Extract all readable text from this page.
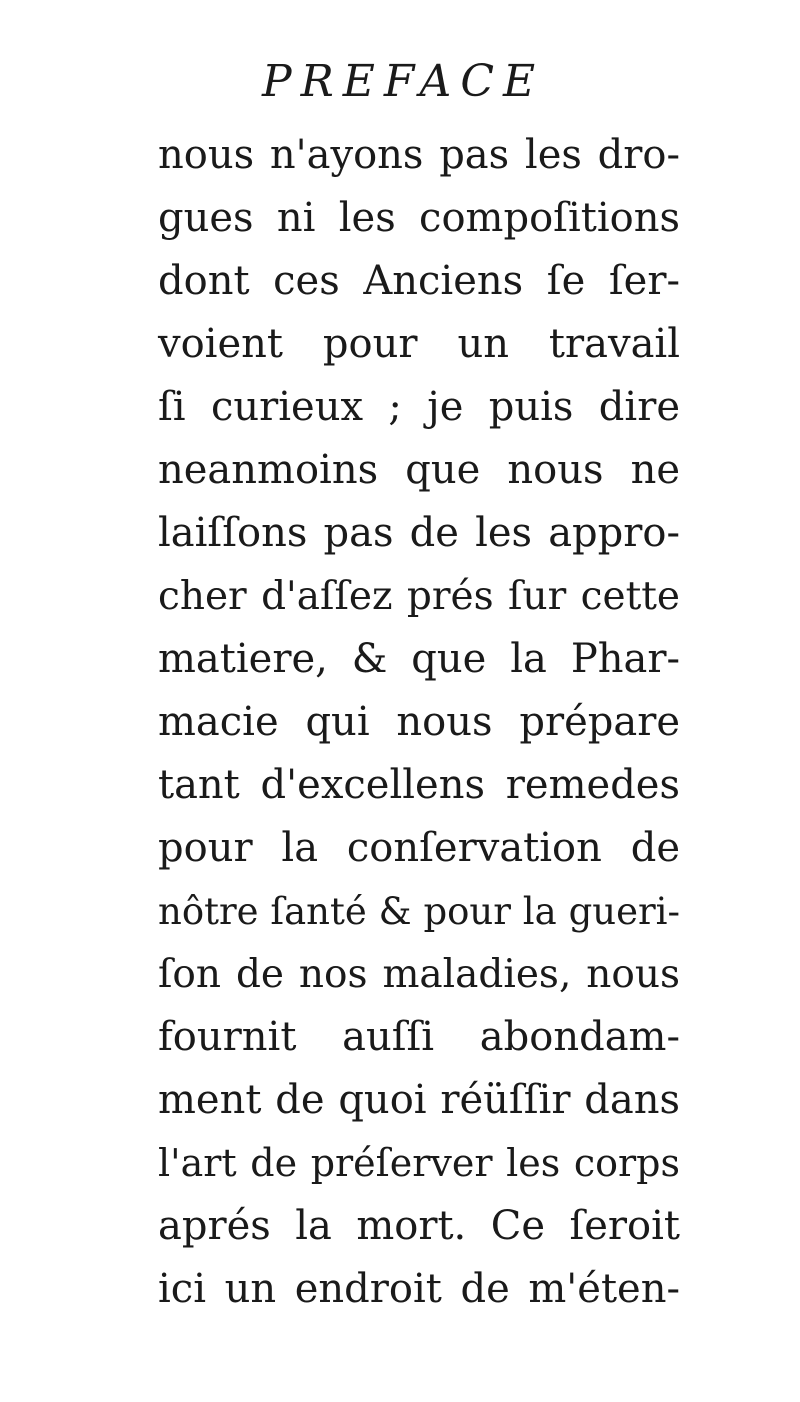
PREFACE
nous n'ayons pas les dro-
gues ni les compoſitions
dont ces Anciens ſe ſer-
voient pour un travail
ſi curieux ; je puis dire
neanmoins que nous ne
laiſſons pas de les appro-
cher d'aſſez prés ſur cette
matiere, & que la Phar-
macie qui nous prépare
tant d'excellens remedes
pour la conſervation de
nôtre ſanté & pour la gueri-
ſon de nos maladies, nous
fournit auſſi abondam-
ment de quoi réüſſir dans
l'art de préſerver les corps
aprés la mort. Ce ſeroit
ici un endroit de m'éten-
